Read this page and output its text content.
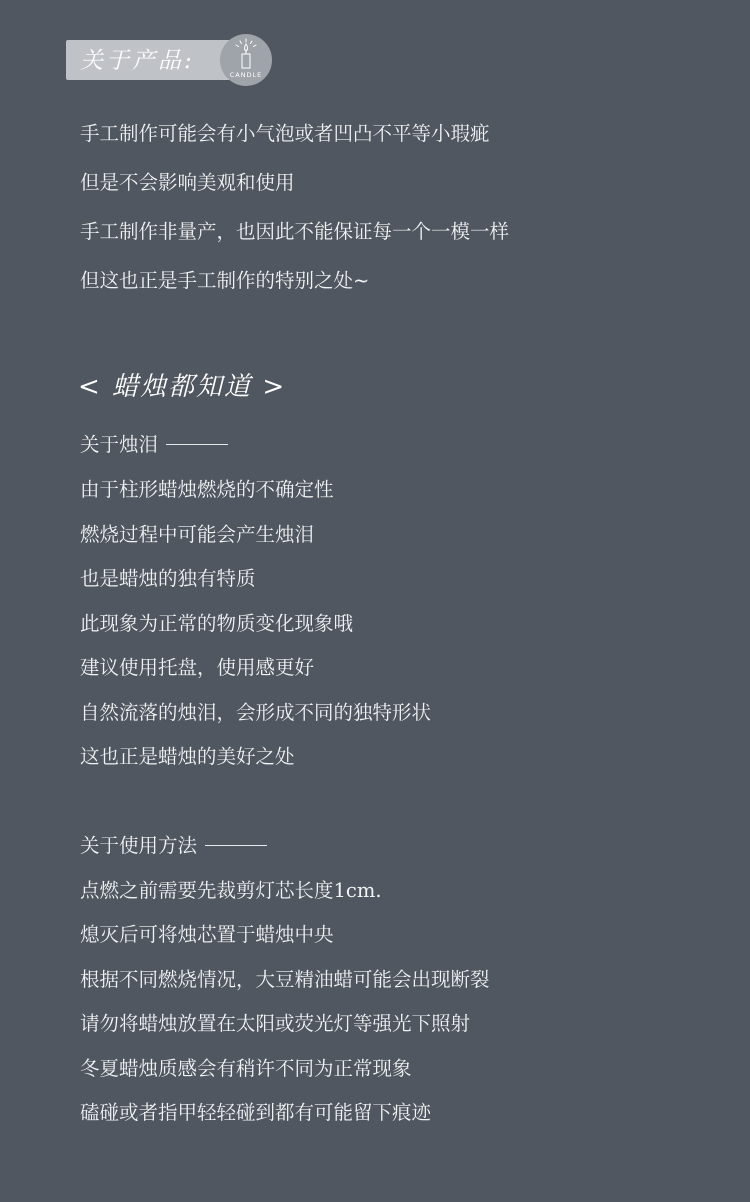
关于产品:
CANDLE
手工制作可能会有小气泡或者凹凸不平等小瑕疵
但是不会影响美观和使用
手工制作非量产，也因此不能保证每一个一模一样
但这也正是手工制作的特别之处~
< 蜡烛都知道 >
关于烛泪
由于柱形蜡烛燃烧的不确定性
燃烧过程中可能会产生烛泪
也是蜡烛的独有特质
此现象为正常的物质变化现象哦
建议使用托盘，使用感更好
自然流落的烛泪，会形成不同的独特形状
这也正是蜡烛的美好之处
关于使用方法
点燃之前需要先裁剪灯芯长度1cm.
熄灭后可将烛芯置于蜡烛中央
根据不同燃烧情况，大豆精油蜡可能会出现断裂
请勿将蜡烛放置在太阳或荧光灯等强光下照射
冬夏蜡烛质感会有稍许不同为正常现象
磕碰或者指甲轻轻碰到都有可能留下痕迹
